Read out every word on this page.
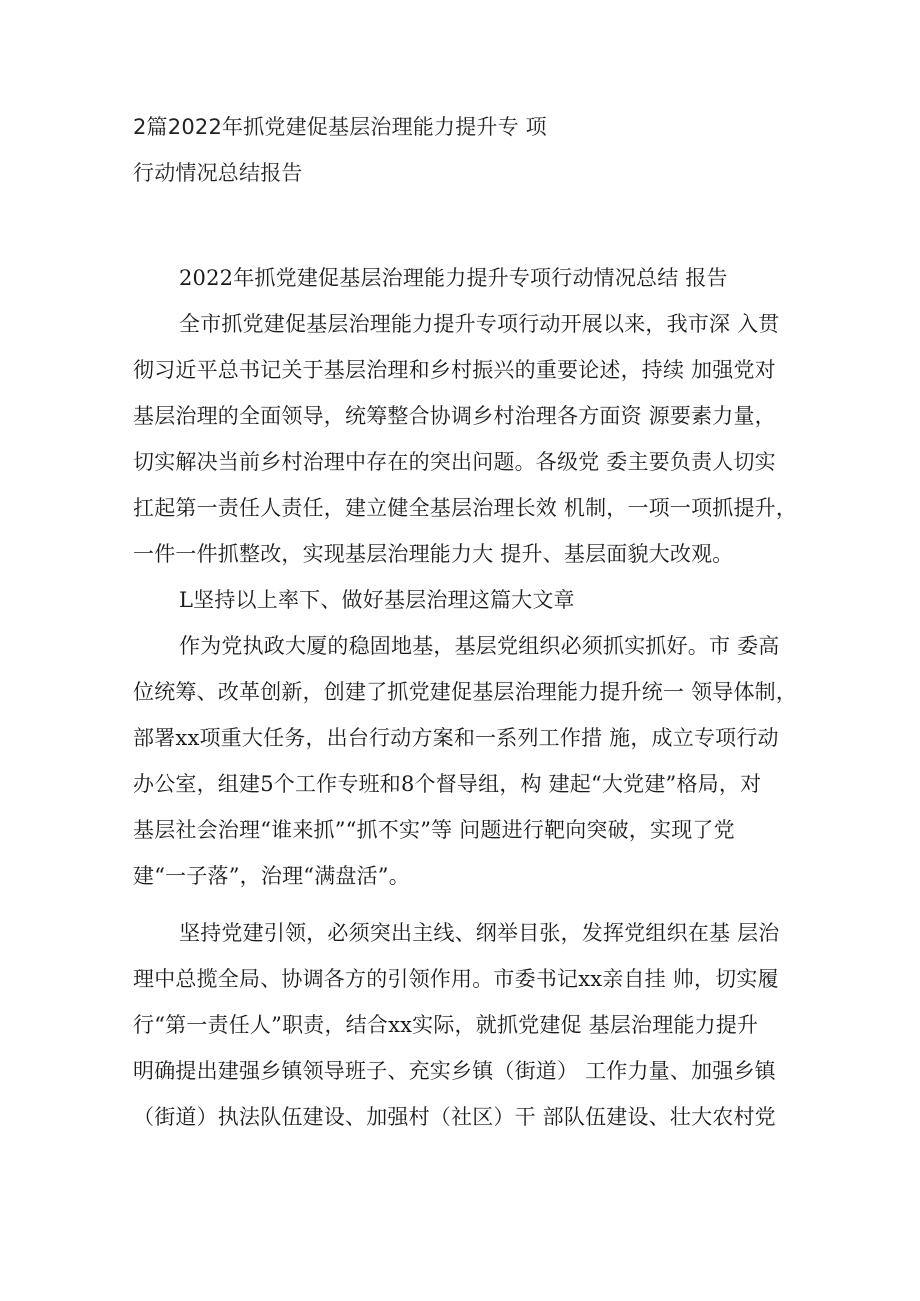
2篇2022年抓党建促基层治理能力提升专 项
行动情况总结报告
2022年抓党建促基层治理能力提升专项行动情况总结 报告
全市抓党建促基层治理能力提升专项行动开展以来，我市深 入贯
彻习近平总书记关于基层治理和乡村振兴的重要论述，持续 加强党对
基层治理的全面领导，统筹整合协调乡村治理各方面资 源要素力量，
切实解决当前乡村治理中存在的突出问题。各级党 委主要负责人切实
扛起第一责任人责任，建立健全基层治理长效 机制，一项一项抓提升，
一件一件抓整改，实现基层治理能力大 提升、基层面貌大改观。
L坚持以上率下、做好基层治理这篇大文章
作为党执政大厦的稳固地基，基层党组织必须抓实抓好。市 委高
位统筹、改革创新，创建了抓党建促基层治理能力提升统一 领导体制，
部署xx项重大任务，出台行动方案和一系列工作措 施，成立专项行动
办公室，组建5个工作专班和8个督导组，构 建起“大党建”格局，对
基层社会治理“谁来抓”“抓不实”等 问题进行靶向突破，实现了党
建“一子落”，治理“满盘活”。
坚持党建引领，必须突出主线、纲举目张，发挥党组织在基 层治
理中总揽全局、协调各方的引领作用。市委书记xx亲自挂 帅，切实履
行“第一责任人”职责，结合xx实际，就抓党建促 基层治理能力提升
明确提出建强乡镇领导班子、充实乡镇（街道） 工作力量、加强乡镇
（街道）执法队伍建设、加强村（社区）干 部队伍建设、壮大农村党
